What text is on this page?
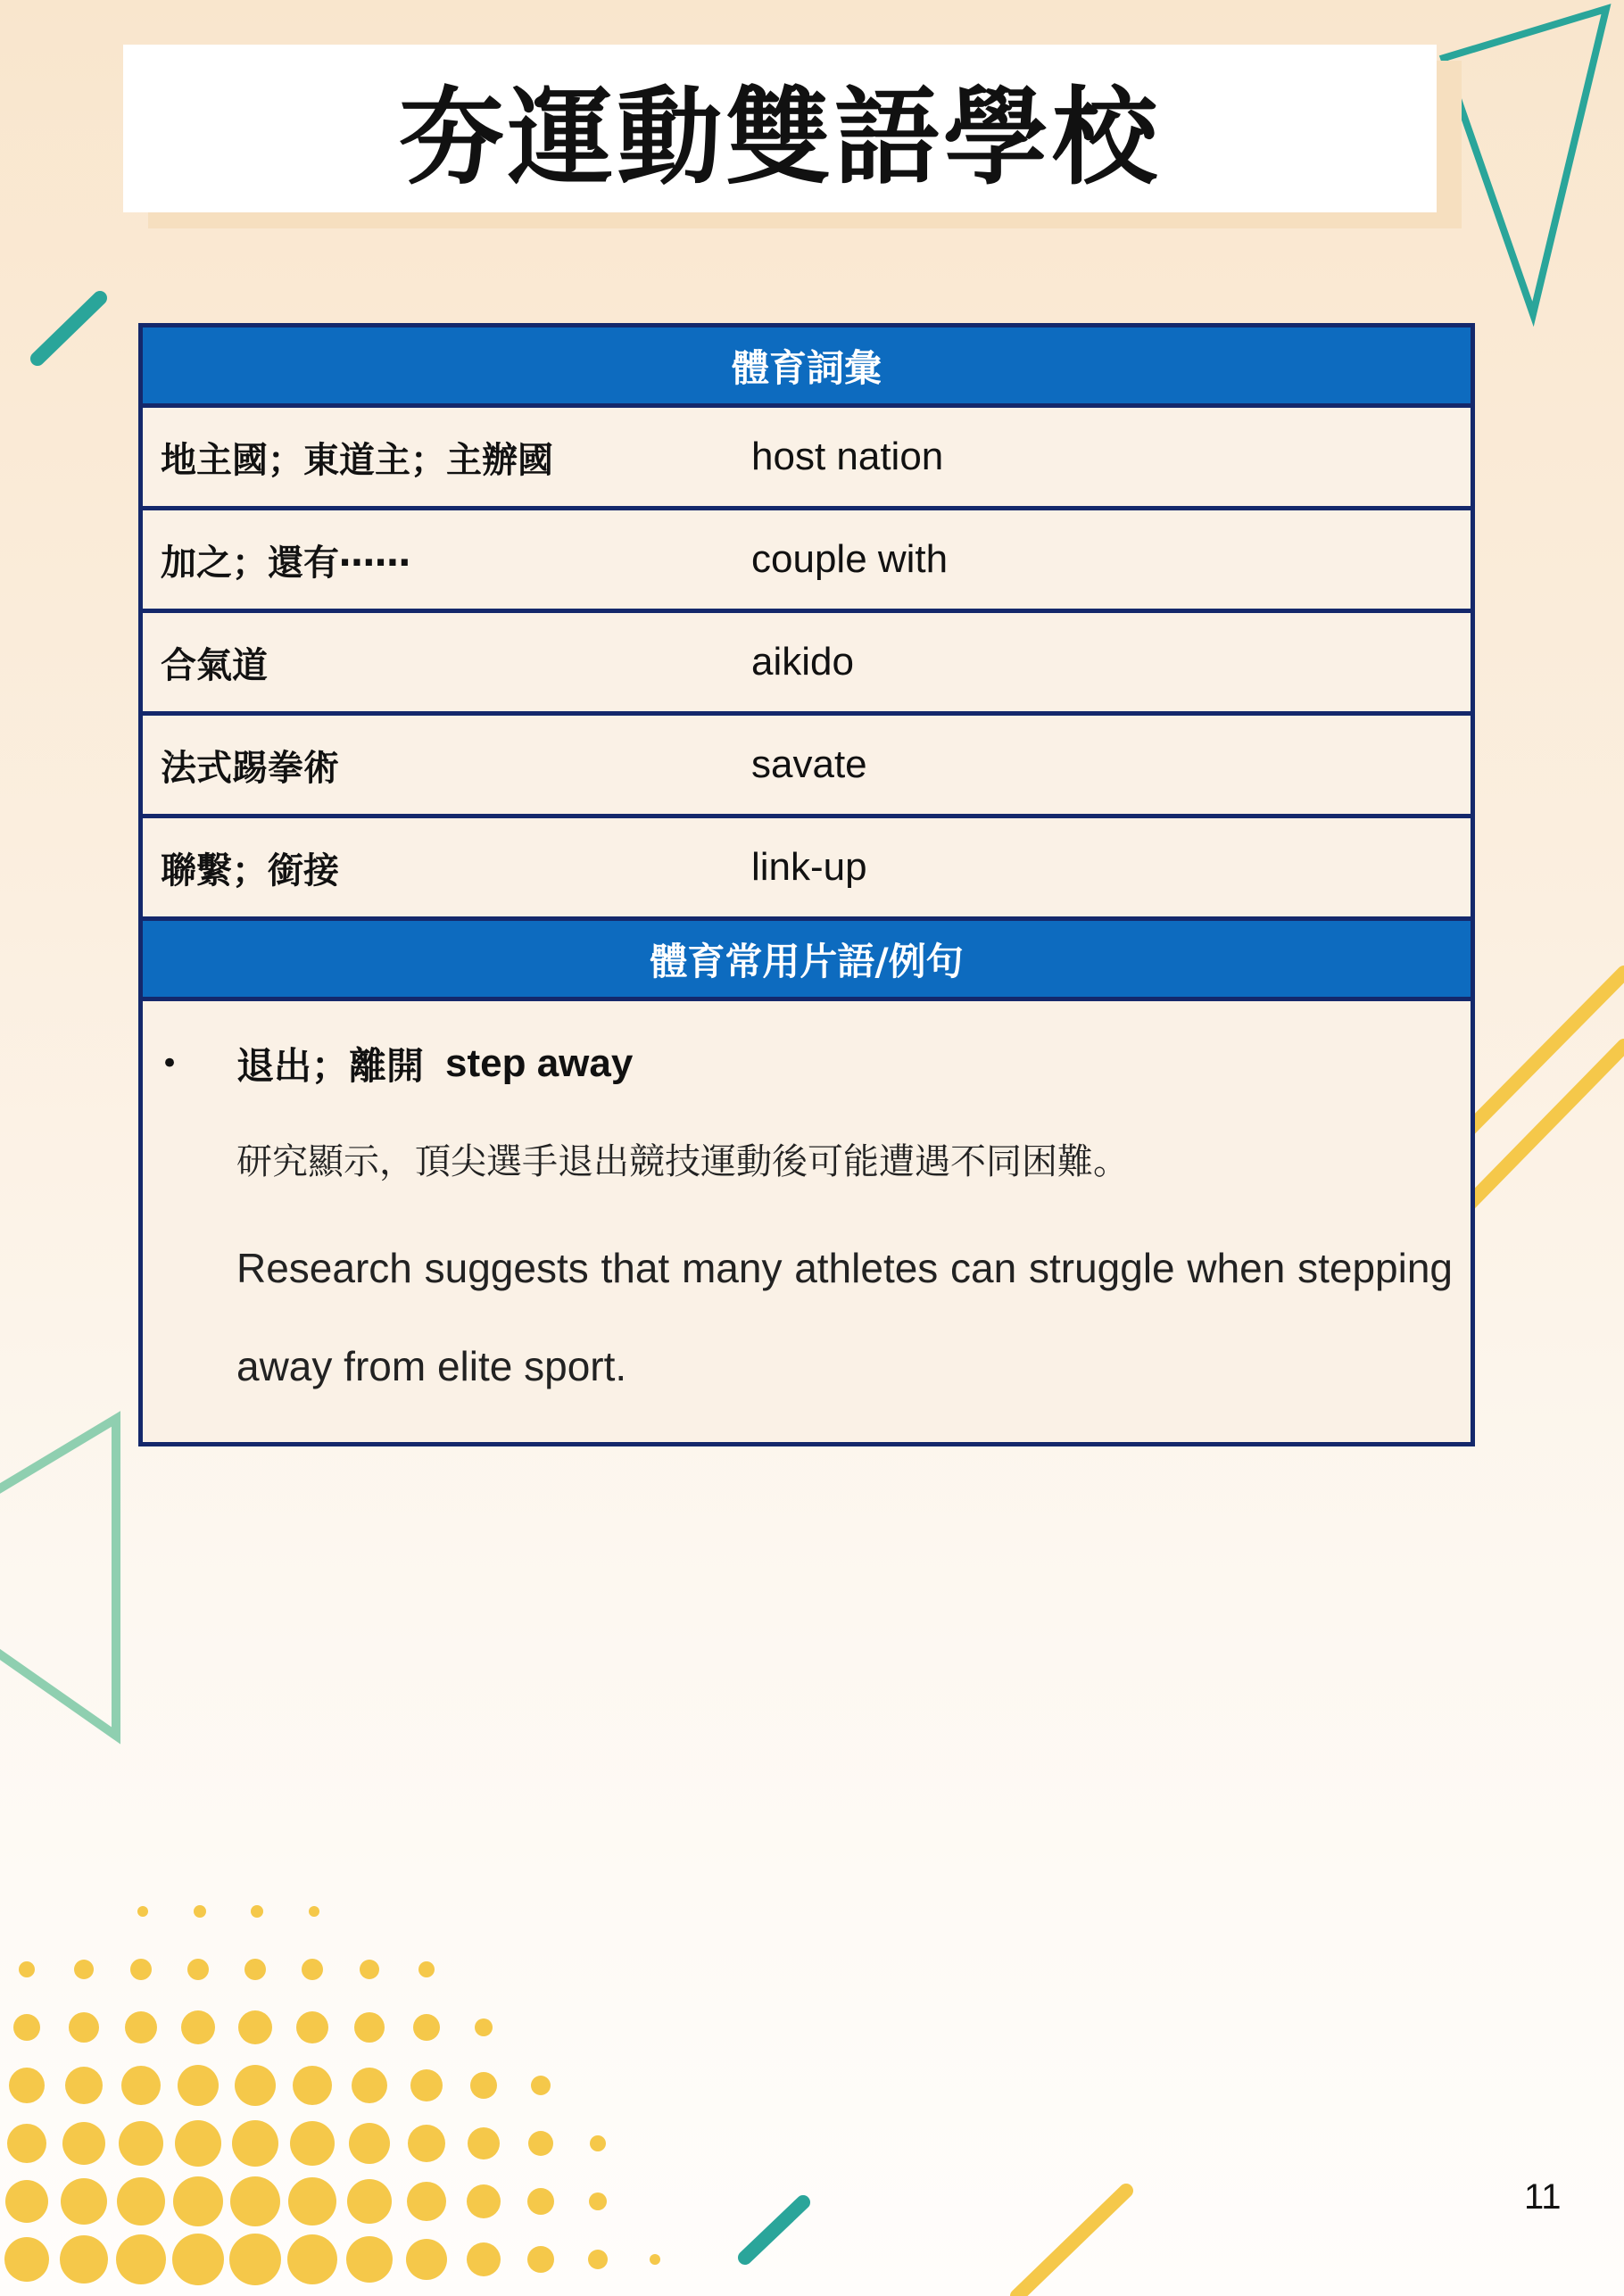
夯運動雙語學校
體育詞彙
地主國；東道主；主辦國	host nation
加之；還有⋯⋯	couple with
合氣道	aikido
法式踢拳術	savate
聯繫；銜接	link-up
體育常用片語/例句
•	退出；離開 step away
研究顯示，頂尖選手退出競技運動後可能遭遇不同困難。
Research suggests that many athletes can struggle when stepping away from elite sport.
11
